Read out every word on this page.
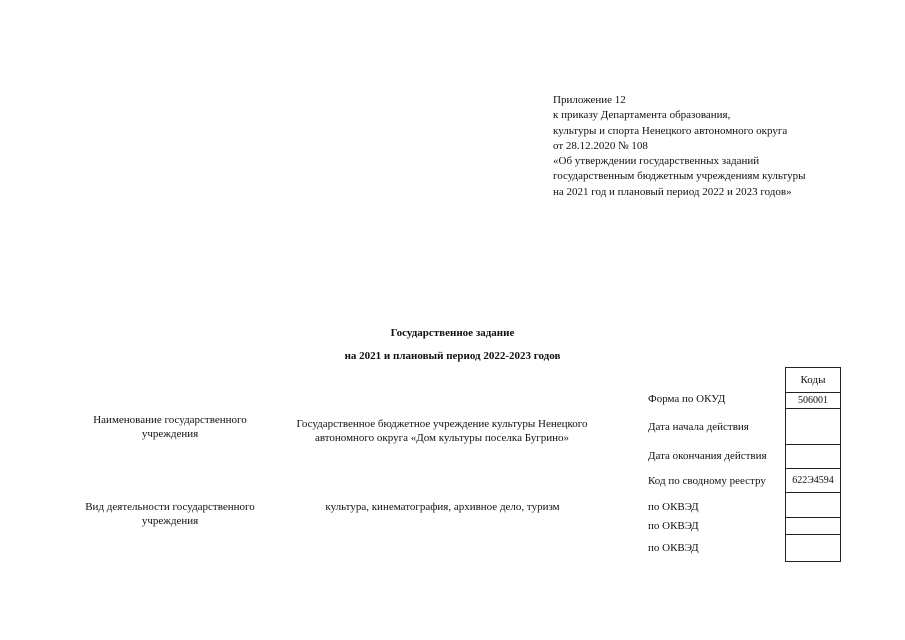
Приложение 12
к приказу Департамента образования,
культуры и спорта Ненецкого автономного округа
от 28.12.2020 № 108
«Об утверждении государственных заданий
государственным бюджетным учреждениям культуры
на 2021 год и плановый период 2022 и 2023 годов»
Государственное задание
на 2021 и плановый период 2022-2023 годов
Наименование государственного учреждения
Государственное бюджетное учреждение культуры Ненецкого автономного округа «Дом культуры поселка Бугрино»
Вид деятельности государственного учреждения
культура, кинематография, архивное дело, туризм
Форма по ОКУД
Дата начала действия
Дата окончания действия
Код по сводному реестру
по ОКВЭД
по ОКВЭД
по ОКВЭД
Коды
506001
622Э4594
